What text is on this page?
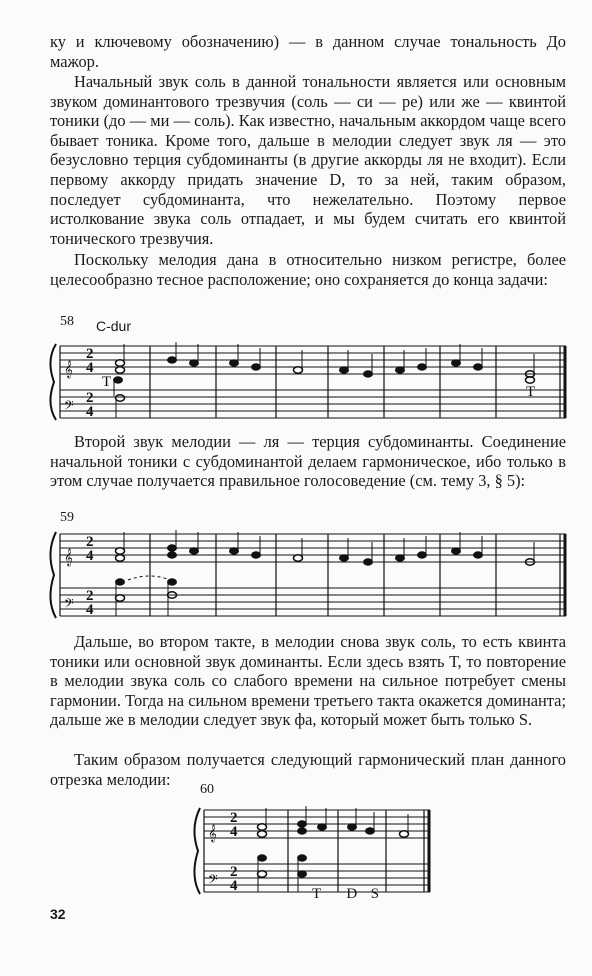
ку и ключевому обозначению) — в данном случае тональность До мажор.

Начальный звук соль в данной тональности является или основным звуком доминантового трезвучия (соль — си — ре) или же — квинтой тоники (до — ми — соль). Как известно, начальным аккордом чаще всего бывает тоника. Кроме того, дальше в мелодии следует звук ля — это безусловно терция субдоминанты (в другие аккорды ля не входит). Если первому аккорду придать значение D, то за ней, таким образом, последует субдоминанта, что нежелательно. Поэтому первое истолкование звука соль отпадает, и мы будем считать его квинтой тонического трезвучия.

Поскольку мелодия дана в относительно низком регистре, более целесообразно тесное расположение; оно сохраняется до конца задачи:

58 C-dur
𝄞
𝄢
2
4
2
4
T
T

Второй звук мелодии — ля — терция субдоминанты. Соединение начальной тоники с субдоминантой делаем гармоническое, ибо только в этом случае получается правильное голосоведение (см. тему 3, § 5):

59
𝄞
𝄢
2
4
2
4

Дальше, во втором такте, в мелодии снова звук соль, то есть квинта тоники или основной звук доминанты. Если здесь взять Т, то повторение в мелодии звука соль со слабого времени на сильное потребует смены гармонии. Тогда на сильном времени третьего такта окажется доминанта; дальше же в мелодии следует звук фа, который может быть только S.

Таким образом получается следующий гармонический план данного отрезка мелодии:

60
𝄞
𝄢
2
4
2
4	T D S
32
